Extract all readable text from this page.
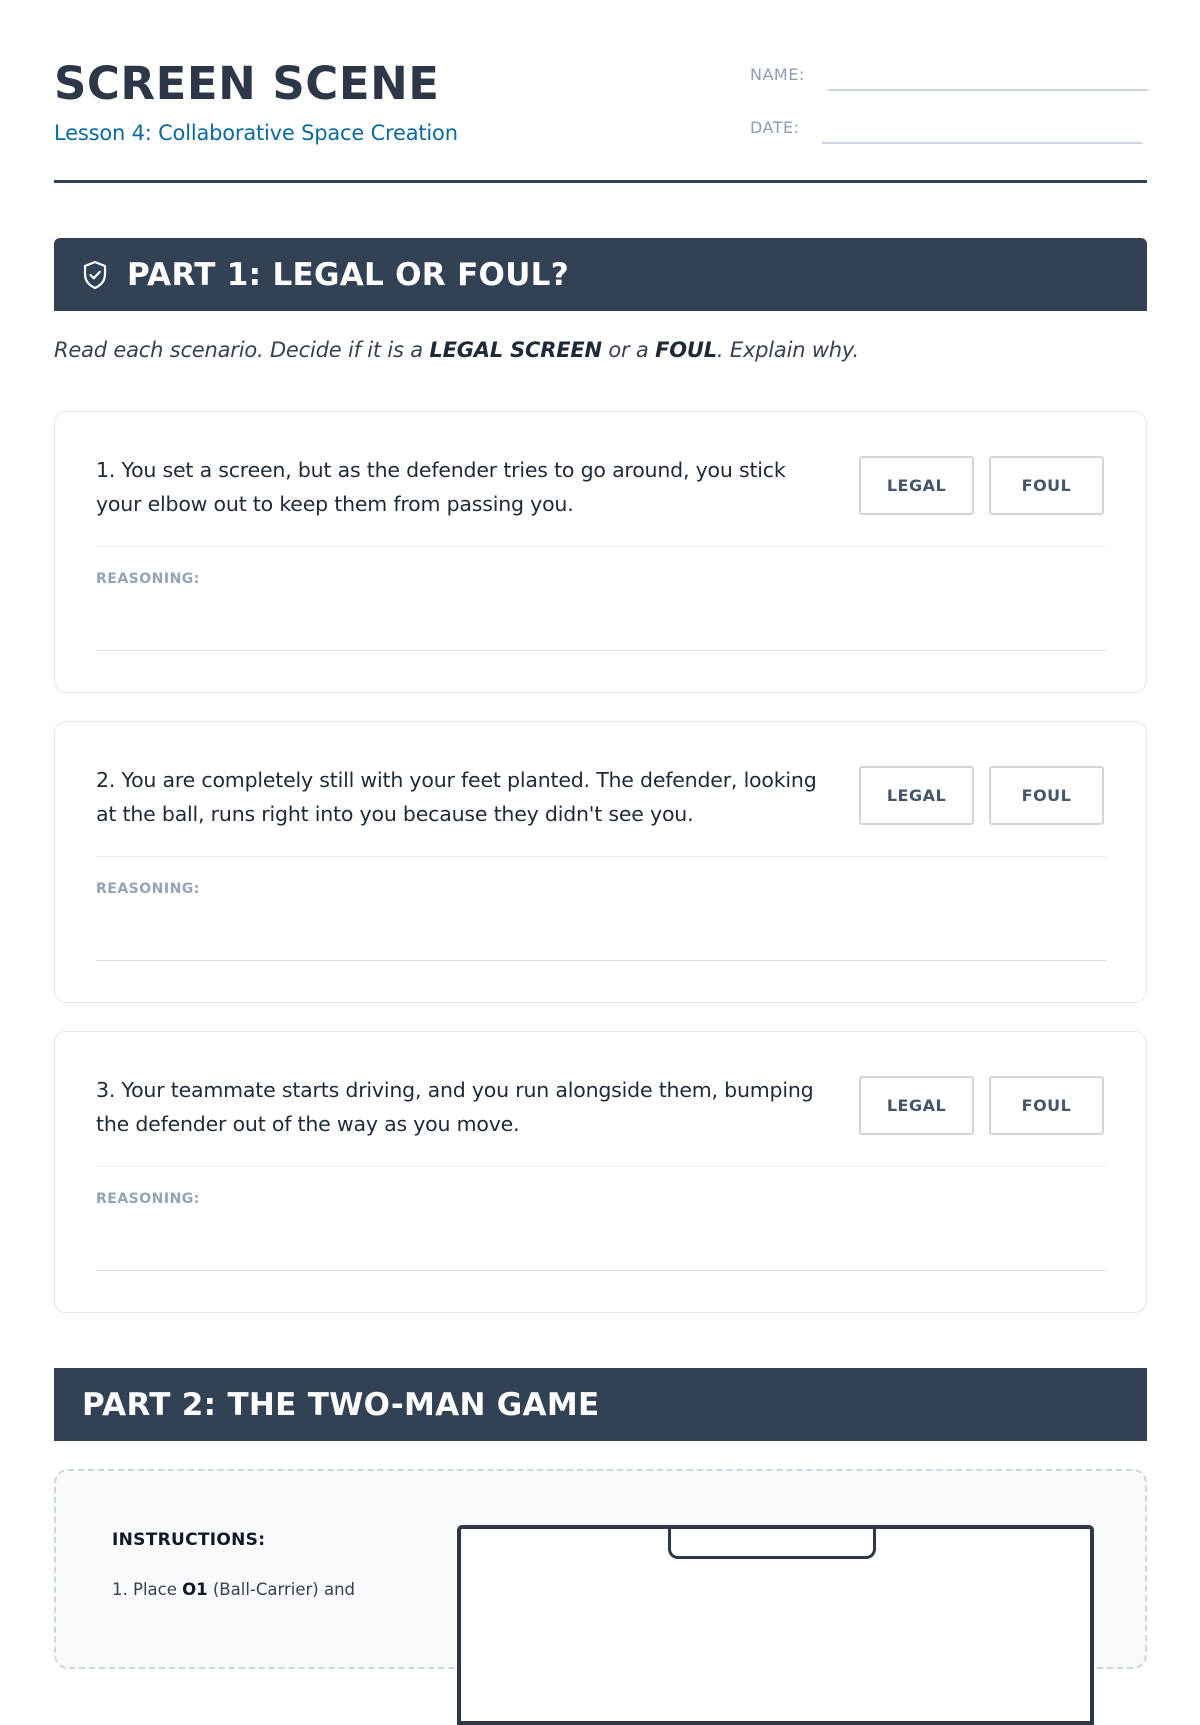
SCREEN SCENE
Lesson 4: Collaborative Space Creation
NAME:
DATE:
PART 1: LEGAL OR FOUL?
Read each scenario. Decide if it is a LEGAL SCREEN or a FOUL. Explain why.
1. You set a screen, but as the defender tries to go around, you stick your elbow out to keep them from passing you.
LEGAL	FOUL
REASONING:
2. You are completely still with your feet planted. The defender, looking at the ball, runs right into you because they didn't see you.
LEGAL	FOUL
REASONING:
3. Your teammate starts driving, and you run alongside them, bumping the defender out of the way as you move.
LEGAL	FOUL
REASONING:
PART 2: THE TWO-MAN GAME
INSTRUCTIONS:
1. Place O1 (Ball-Carrier) and
